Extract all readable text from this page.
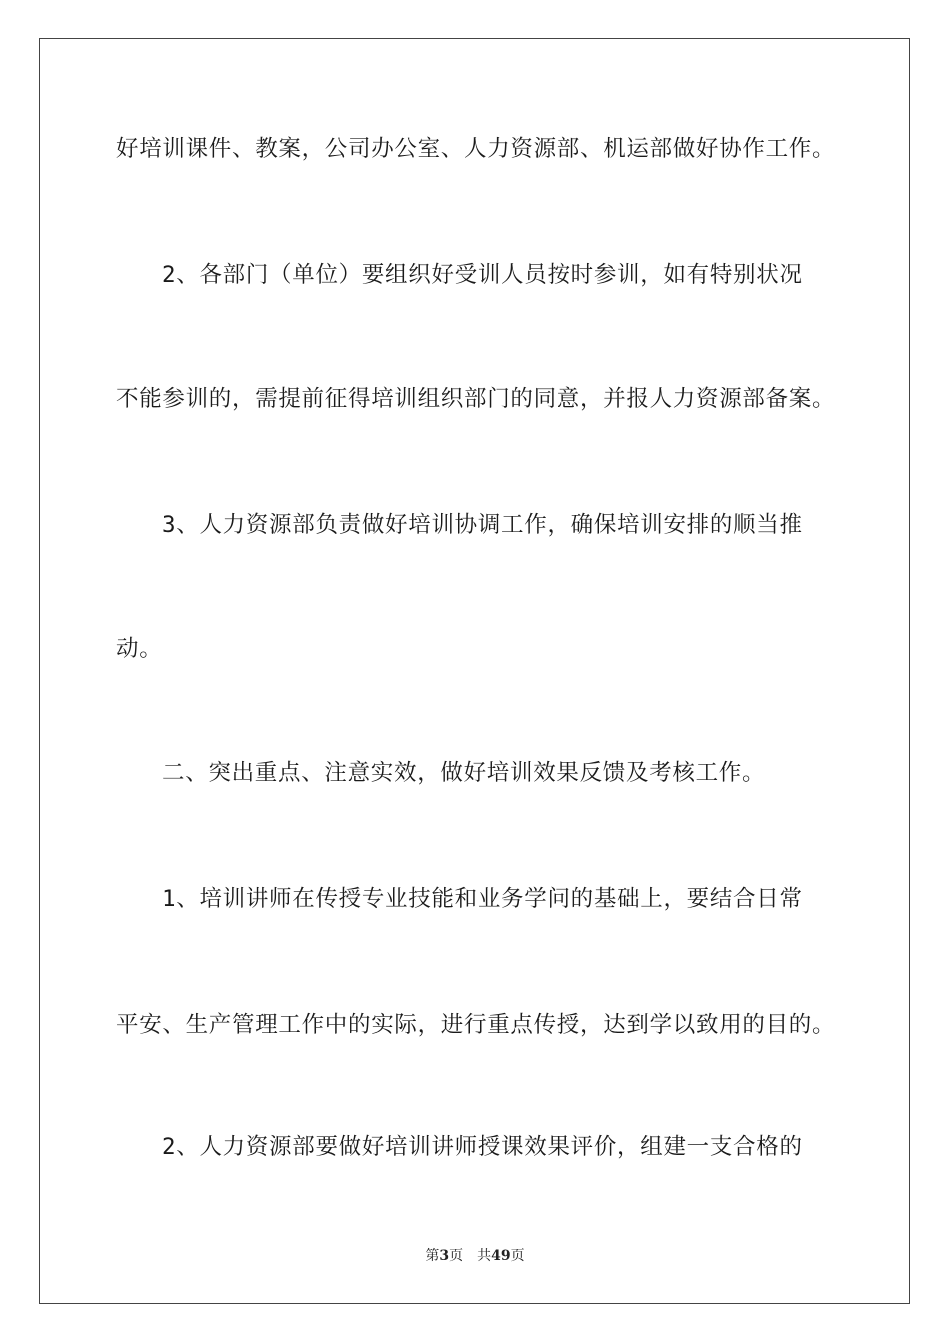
好培训课件、教案，公司办公室、人力资源部、机运部做好协作工作。
2、各部门（单位）要组织好受训人员按时参训，如有特别状况
不能参训的，需提前征得培训组织部门的同意，并报人力资源部备案。
3、人力资源部负责做好培训协调工作，确保培训安排的顺当推
动。
二、突出重点、注意实效，做好培训效果反馈及考核工作。
1、培训讲师在传授专业技能和业务学问的基础上，要结合日常
平安、生产管理工作中的实际，进行重点传授，达到学以致用的目的。
2、人力资源部要做好培训讲师授课效果评价，组建一支合格的
第3页 共49页
